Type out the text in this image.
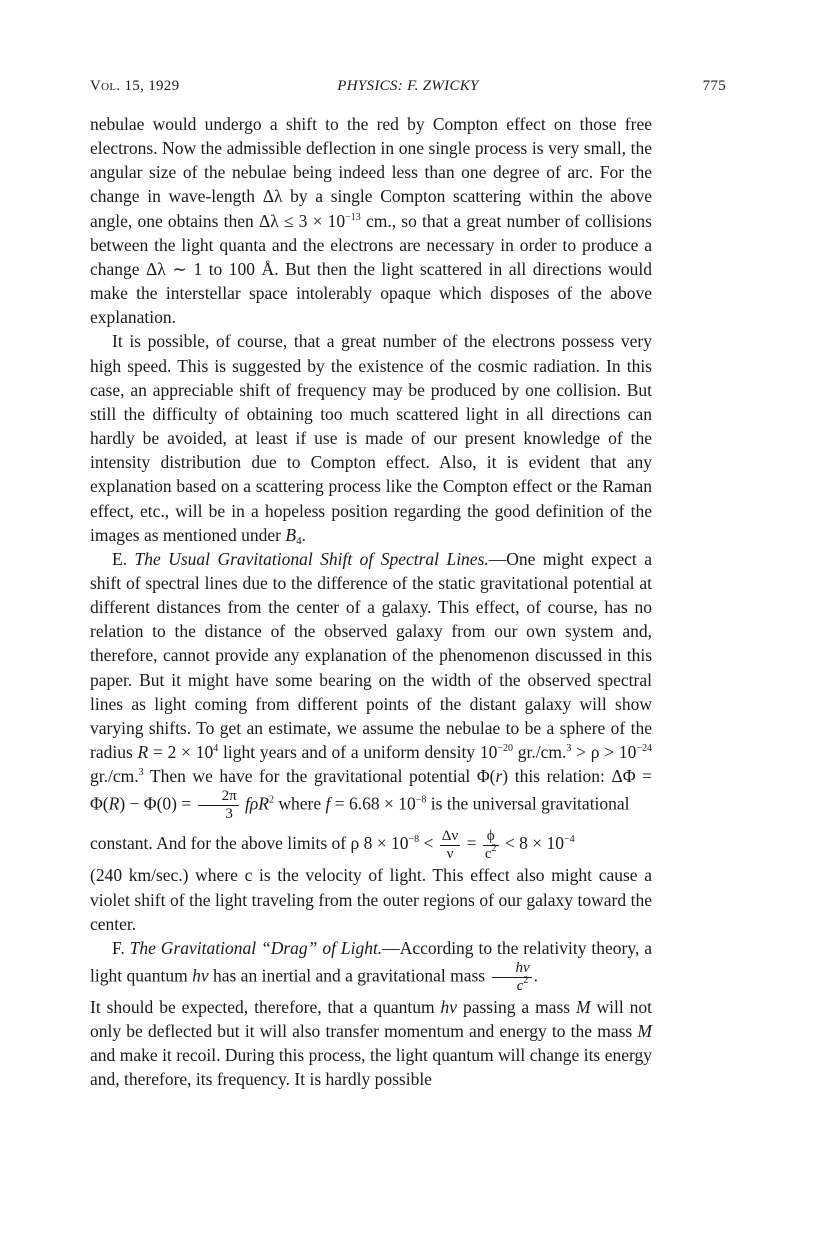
Vol. 15, 1929	PHYSICS: F. ZWICKY	775

nebulae would undergo a shift to the red by Compton effect on those free electrons. Now the admissible deflection in one single process is very small, the angular size of the nebulae being indeed less than one degree of arc. For the change in wave-length Δλ by a single Compton scattering within the above angle, one obtains then $\Delta\lambda \le 3 \times 10^{-13}$ cm., so that a great number of collisions between the light quanta and the electrons are necessary in order to produce a change Δλ ∼ 1 to 100 Å. But then the light scattered in all directions would make the interstellar space intolerably opaque which disposes of the above explanation.

It is possible, of course, that a great number of the electrons possess very high speed. This is suggested by the existence of the cosmic radiation. In this case, an appreciable shift of frequency may be produced by one collision. But still the difficulty of obtaining too much scattered light in all directions can hardly be avoided, at least if use is made of our present knowledge of the intensity distribution due to Compton effect. Also, it is evident that any explanation based on a scattering process like the Compton effect or the Raman effect, etc., will be in a hopeless position regarding the good definition of the images as mentioned under $B_4$.

E. The Usual Gravitational Shift of Spectral Lines.—One might expect a shift of spectral lines due to the difference of the static gravitational potential at different distances from the center of a galaxy. This effect, of course, has no relation to the distance of the observed galaxy from our own system and, therefore, cannot provide any explanation of the phenomenon discussed in this paper. But it might have some bearing on the width of the observed spectral lines as light coming from different points of the distant galaxy will show varying shifts. To get an estimate, we assume the nebulae to be a sphere of the radius $R = 2 \times 10^4$ light years and of a uniform density $10^{-20}$ $gr./cm.^3 > \rho > 10^{-24}$ gr./cm.$^3$ Then we have for the gravitational potential Φ(r) this relation: $\Delta\Phi = \Phi(R) - \Phi(0) = \frac{2\pi}{3} f\rho R^2$ where $f = 6.68 \times 10^{-8}$ is the universal gravitational

constant. And for the above limits of ρ $8 \times 10^{-8} < \frac{\Delta\nu}{\nu} = \frac{\phi}{c^2} < 8 \times 10^{-4}$

(240 km/sec.) where c is the velocity of light. This effect also might cause a violet shift of the light traveling from the outer regions of our galaxy toward the center.

F. The Gravitational “Drag” of Light.—According to the relativity theory, a light quantum hν has an inertial and a gravitational mass $\frac{h\nu}{c^2}$ .

It should be expected, therefore, that a quantum hν passing a mass M will not only be deflected but it will also transfer momentum and energy to the mass M and make it recoil. During this process, the light quantum will change its energy and, therefore, its frequency. It is hardly possible
